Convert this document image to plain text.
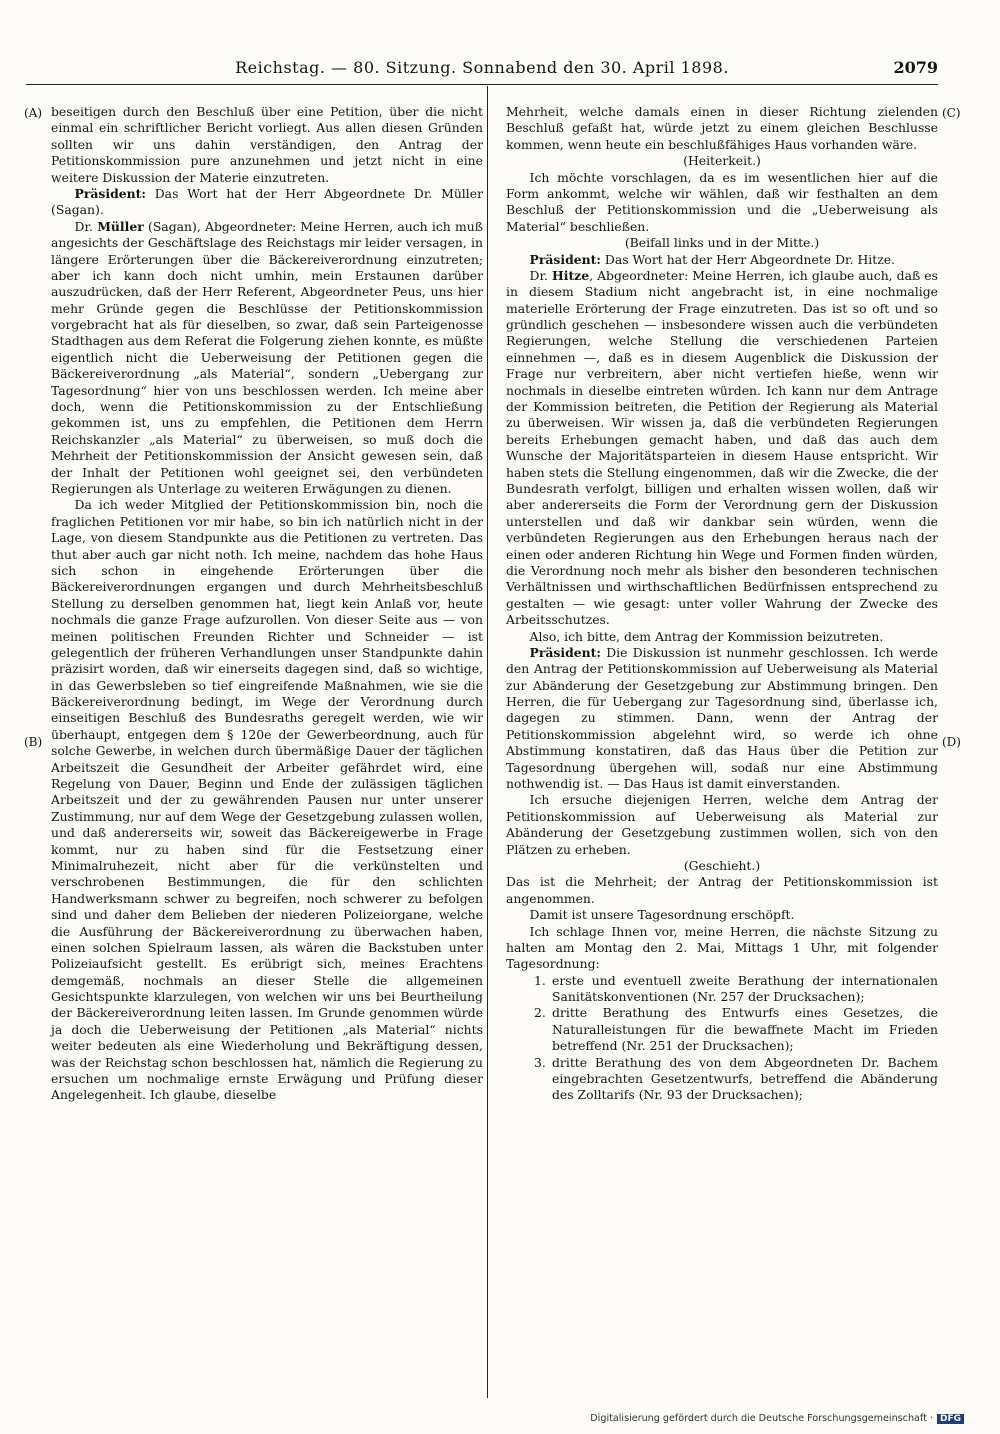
Reichstag. — 80. Sitzung. Sonnabend den 30. April 1898.	2079
(A)
(B)
(C)
(D)

beseitigen durch den Beschluß über eine Petition, über die nicht einmal ein schriftlicher Bericht vorliegt. Aus allen diesen Gründen sollten wir uns dahin verständigen, den Antrag der Petitionskommission pure anzunehmen und jetzt nicht in eine weitere Diskussion der Materie einzutreten.

Präsident: Das Wort hat der Herr Abgeordnete Dr. Müller (Sagan).

Dr. Müller (Sagan), Abgeordneter: Meine Herren, auch ich muß angesichts der Geschäftslage des Reichstags mir leider versagen, in längere Erörterungen über die Bäckereiverordnung einzutreten; aber ich kann doch nicht umhin, mein Erstaunen darüber auszudrücken, daß der Herr Referent, Abgeordneter Peus, uns hier mehr Gründe gegen die Beschlüsse der Petitionskommission vorgebracht hat als für dieselben, so zwar, daß sein Parteigenosse Stadthagen aus dem Referat die Folgerung ziehen konnte, es müßte eigentlich nicht die Ueberweisung der Petitionen gegen die Bäckereiverordnung „als Material“, sondern „Uebergang zur Tagesordnung“ hier von uns beschlossen werden. Ich meine aber doch, wenn die Petitionskommission zu der Entschließung gekommen ist, uns zu empfehlen, die Petitionen dem Herrn Reichskanzler „als Material“ zu überweisen, so muß doch die Mehrheit der Petitionskommission der Ansicht gewesen sein, daß der Inhalt der Petitionen wohl geeignet sei, den verbündeten Regierungen als Unterlage zu weiteren Erwägungen zu dienen.

Da ich weder Mitglied der Petitionskommission bin, noch die fraglichen Petitionen vor mir habe, so bin ich natürlich nicht in der Lage, von diesem Standpunkte aus die Petitionen zu vertreten. Das thut aber auch gar nicht noth. Ich meine, nachdem das hohe Haus sich schon in eingehende Erörterungen über die Bäckereiverordnungen ergangen und durch Mehrheitsbeschluß Stellung zu derselben genommen hat, liegt kein Anlaß vor, heute nochmals die ganze Frage aufzurollen. Von dieser Seite aus — von meinen politischen Freunden Richter und Schneider — ist gelegentlich der früheren Verhandlungen unser Standpunkte dahin präzisirt worden, daß wir einerseits dagegen sind, daß so wichtige, in das Gewerbsleben so tief eingreifende Maßnahmen, wie sie die Bäckereiverordnung bedingt, im Wege der Verordnung durch einseitigen Beschluß des Bundesraths geregelt werden, wie wir überhaupt, entgegen dem § 120e der Gewerbeordnung, auch für solche Gewerbe, in welchen durch übermäßige Dauer der täglichen Arbeitszeit die Gesundheit der Arbeiter gefährdet wird, eine Regelung von Dauer, Beginn und Ende der zulässigen täglichen Arbeitszeit und der zu gewährenden Pausen nur unter unserer Zustimmung, nur auf dem Wege der Gesetzgebung zulassen wollen, und daß andererseits wir, soweit das Bäckereigewerbe in Frage kommt, nur zu haben sind für die Festsetzung einer Minimalruhezeit, nicht aber für die verkünstelten und verschrobenen Bestimmungen, die für den schlichten Handwerksmann schwer zu begreifen, noch schwerer zu befolgen sind und daher dem Belieben der niederen Polizeiorgane, welche die Ausführung der Bäckereiverordnung zu überwachen haben, einen solchen Spielraum lassen, als wären die Backstuben unter Polizeiaufsicht gestellt. Es erübrigt sich, meines Erachtens demgemäß, nochmals an dieser Stelle die allgemeinen Gesichtspunkte klarzulegen, von welchen wir uns bei Beurtheilung der Bäckereiverordnung leiten lassen. Im Grunde genommen würde ja doch die Ueberweisung der Petitionen „als Material“ nichts weiter bedeuten als eine Wiederholung und Bekräftigung dessen, was der Reichstag schon beschlossen hat, nämlich die Regierung zu ersuchen um nochmalige ernste Erwägung und Prüfung dieser Angelegenheit. Ich glaube, dieselbe

Mehrheit, welche damals einen in dieser Richtung zielenden Beschluß gefaßt hat, würde jetzt zu einem gleichen Beschlusse kommen, wenn heute ein beschlußfähiges Haus vorhanden wäre.

(Heiterkeit.)

Ich möchte vorschlagen, da es im wesentlichen hier auf die Form ankommt, welche wir wählen, daß wir festhalten an dem Beschluß der Petitionskommission und die „Ueberweisung als Material“ beschließen.

(Beifall links und in der Mitte.)

Präsident: Das Wort hat der Herr Abgeordnete Dr. Hitze.

Dr. Hitze, Abgeordneter: Meine Herren, ich glaube auch, daß es in diesem Stadium nicht angebracht ist, in eine nochmalige materielle Erörterung der Frage einzutreten. Das ist so oft und so gründlich geschehen — insbesondere wissen auch die verbündeten Regierungen, welche Stellung die verschiedenen Parteien einnehmen —, daß es in diesem Augenblick die Diskussion der Frage nur verbreitern, aber nicht vertiefen hieße, wenn wir nochmals in dieselbe eintreten würden. Ich kann nur dem Antrage der Kommission beitreten, die Petition der Regierung als Material zu überweisen. Wir wissen ja, daß die verbündeten Regierungen bereits Erhebungen gemacht haben, und daß das auch dem Wunsche der Majoritätsparteien in diesem Hause entspricht. Wir haben stets die Stellung eingenommen, daß wir die Zwecke, die der Bundesrath verfolgt, billigen und erhalten wissen wollen, daß wir aber andererseits die Form der Verordnung gern der Diskussion unterstellen und daß wir dankbar sein würden, wenn die verbündeten Regierungen aus den Erhebungen heraus nach der einen oder anderen Richtung hin Wege und Formen finden würden, die Verordnung noch mehr als bisher den besonderen technischen Verhältnissen und wirthschaftlichen Bedürfnissen entsprechend zu gestalten — wie gesagt: unter voller Wahrung der Zwecke des Arbeitsschutzes.

Also, ich bitte, dem Antrag der Kommission beizutreten.

Präsident: Die Diskussion ist nunmehr geschlossen. Ich werde den Antrag der Petitionskommission auf Ueberweisung als Material zur Abänderung der Gesetzgebung zur Abstimmung bringen. Den Herren, die für Uebergang zur Tagesordnung sind, überlasse ich, dagegen zu stimmen. Dann, wenn der Antrag der Petitionskommission abgelehnt wird, so werde ich ohne Abstimmung konstatiren, daß das Haus über die Petition zur Tagesordnung übergehen will, sodaß nur eine Abstimmung nothwendig ist. — Das Haus ist damit einverstanden.

Ich ersuche diejenigen Herren, welche dem Antrag der Petitionskommission auf Ueberweisung als Material zur Abänderung der Gesetzgebung zustimmen wollen, sich von den Plätzen zu erheben.

(Geschieht.)

Das ist die Mehrheit; der Antrag der Petitionskommission ist angenommen.

Damit ist unsere Tagesordnung erschöpft.

Ich schlage Ihnen vor, meine Herren, die nächste Sitzung zu halten am Montag den 2. Mai, Mittags 1 Uhr, mit folgender Tagesordnung:

1. erste und eventuell zweite Berathung der internationalen Sanitätskonventionen (Nr. 257 der Drucksachen);
2. dritte Berathung des Entwurfs eines Gesetzes, die Naturalleistungen für die bewaffnete Macht im Frieden betreffend (Nr. 251 der Drucksachen);
3. dritte Berathung des von dem Abgeordneten Dr. Bachem eingebrachten Gesetzentwurfs, betreffend die Abänderung des Zolltarifs (Nr. 93 der Drucksachen);
Digitalisierung gefördert durch die Deutsche Forschungsgemeinschaft · DFG
